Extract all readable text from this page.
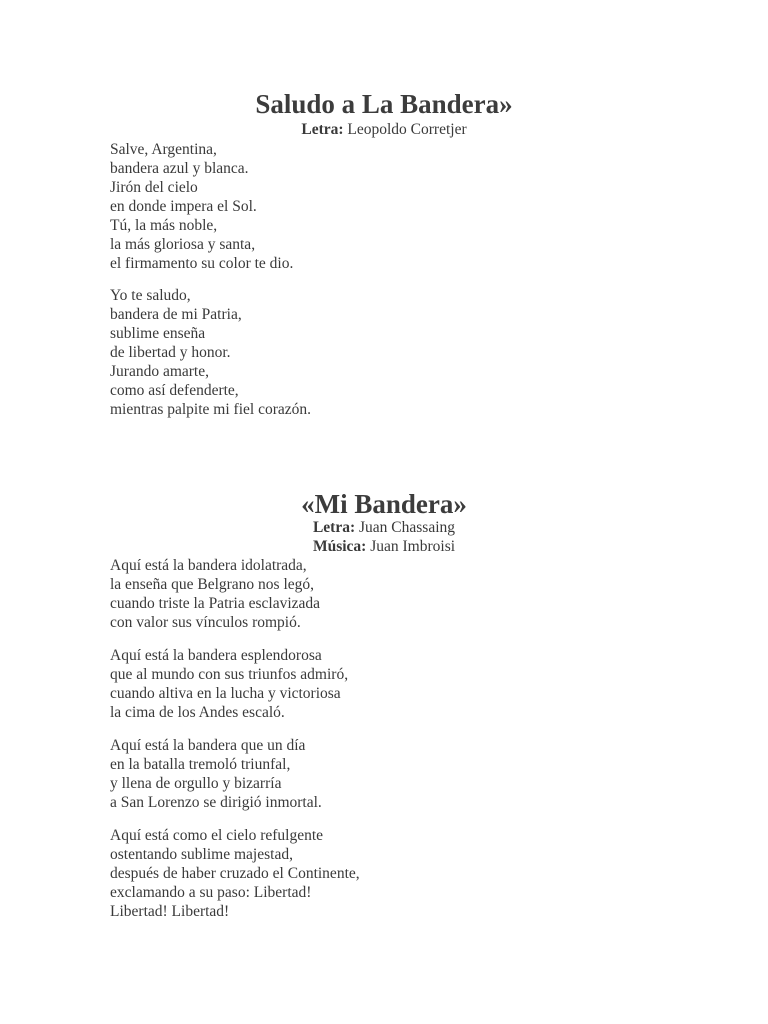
Saludo a La Bandera»
Letra: Leopoldo Corretjer

Salve, Argentina,
bandera azul y blanca.
Jirón del cielo
en donde impera el Sol.
Tú, la más noble,
la más gloriosa y santa,
el firmamento su color te dio.

Yo te saludo,
bandera de mi Patria,
sublime enseña
de libertad y honor.
Jurando amarte,
como así defenderte,
mientras palpite mi fiel corazón.

«Mi Bandera»
Letra: Juan Chassaing
Música: Juan Imbroisi

Aquí está la bandera idolatrada,
la enseña que Belgrano nos legó,
cuando triste la Patria esclavizada
con valor sus vínculos rompió.

Aquí está la bandera esplendorosa
que al mundo con sus triunfos admiró,
cuando altiva en la lucha y victoriosa
la cima de los Andes escaló.

Aquí está la bandera que un día
en la batalla tremoló triunfal,
y llena de orgullo y bizarría
a San Lorenzo se dirigió inmortal.

Aquí está como el cielo refulgente
ostentando sublime majestad,
después de haber cruzado el Continente,
exclamando a su paso: Libertad!
Libertad! Libertad!
